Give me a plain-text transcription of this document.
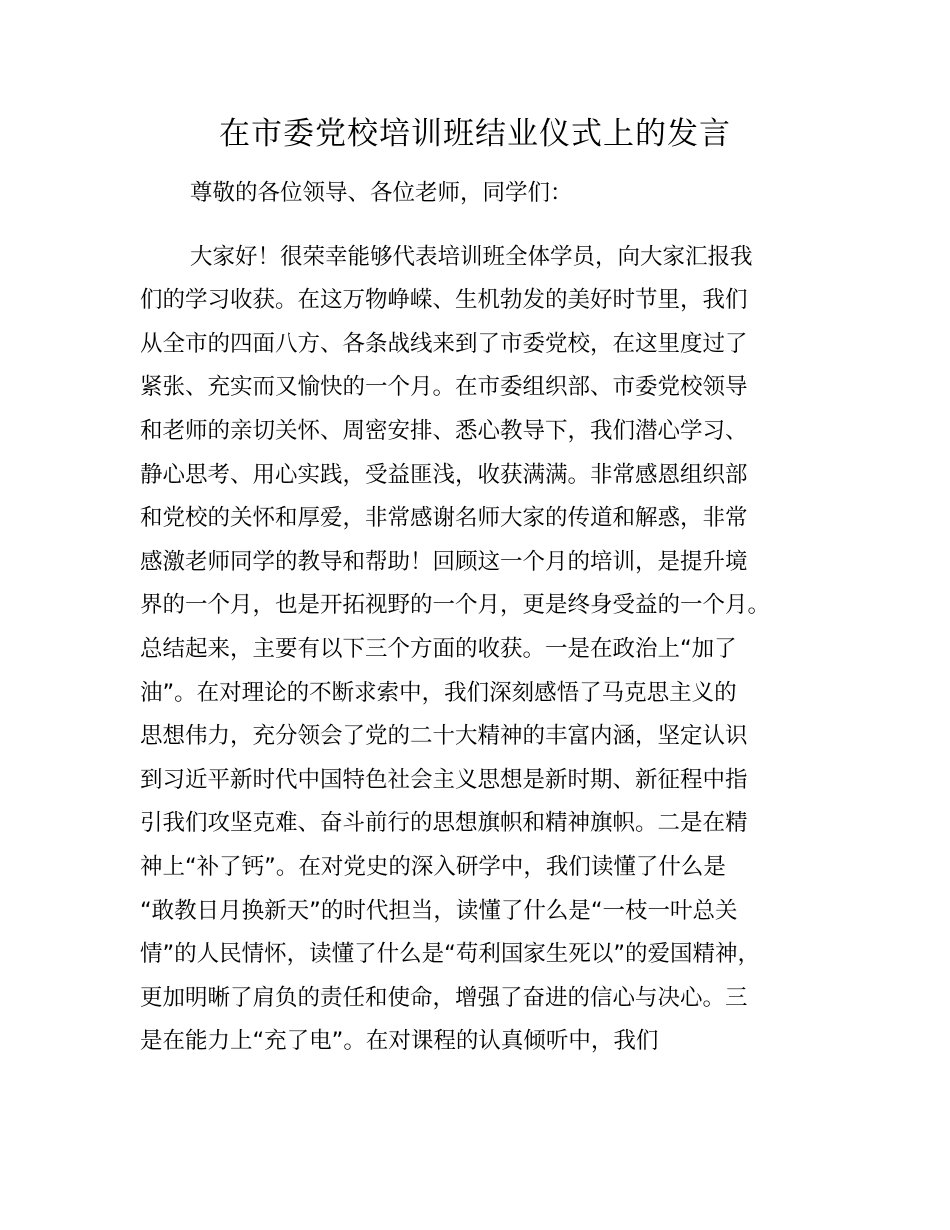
在市委党校培训班结业仪式上的发言
尊敬的各位领导、各位老师，同学们：
大家好！很荣幸能够代表培训班全体学员，向大家汇报我
们的学习收获。在这万物峥嵘、生机勃发的美好时节里，我们
从全市的四面八方、各条战线来到了市委党校，在这里度过了
紧张、充实而又愉快的一个月。在市委组织部、市委党校领导
和老师的亲切关怀、周密安排、悉心教导下，我们潜心学习、
静心思考、用心实践，受益匪浅，收获满满。非常感恩组织部
和党校的关怀和厚爱，非常感谢名师大家的传道和解惑，非常
感激老师同学的教导和帮助！回顾这一个月的培训，是提升境
界的一个月，也是开拓视野的一个月，更是终身受益的一个月。
总结起来，主要有以下三个方面的收获。一是在政治上“加了
油”。在对理论的不断求索中，我们深刻感悟了马克思主义的
思想伟力，充分领会了党的二十大精神的丰富内涵，坚定认识
到习近平新时代中国特色社会主义思想是新时期、新征程中指
引我们攻坚克难、奋斗前行的思想旗帜和精神旗帜。二是在精
神上“补了钙”。在对党史的深入研学中，我们读懂了什么是
“敢教日月换新天”的时代担当，读懂了什么是“一枝一叶总关
情”的人民情怀，读懂了什么是“苟利国家生死以”的爱国精神，
更加明晰了肩负的责任和使命，增强了奋进的信心与决心。三
是在能力上“充了电”。在对课程的认真倾听中，我们
